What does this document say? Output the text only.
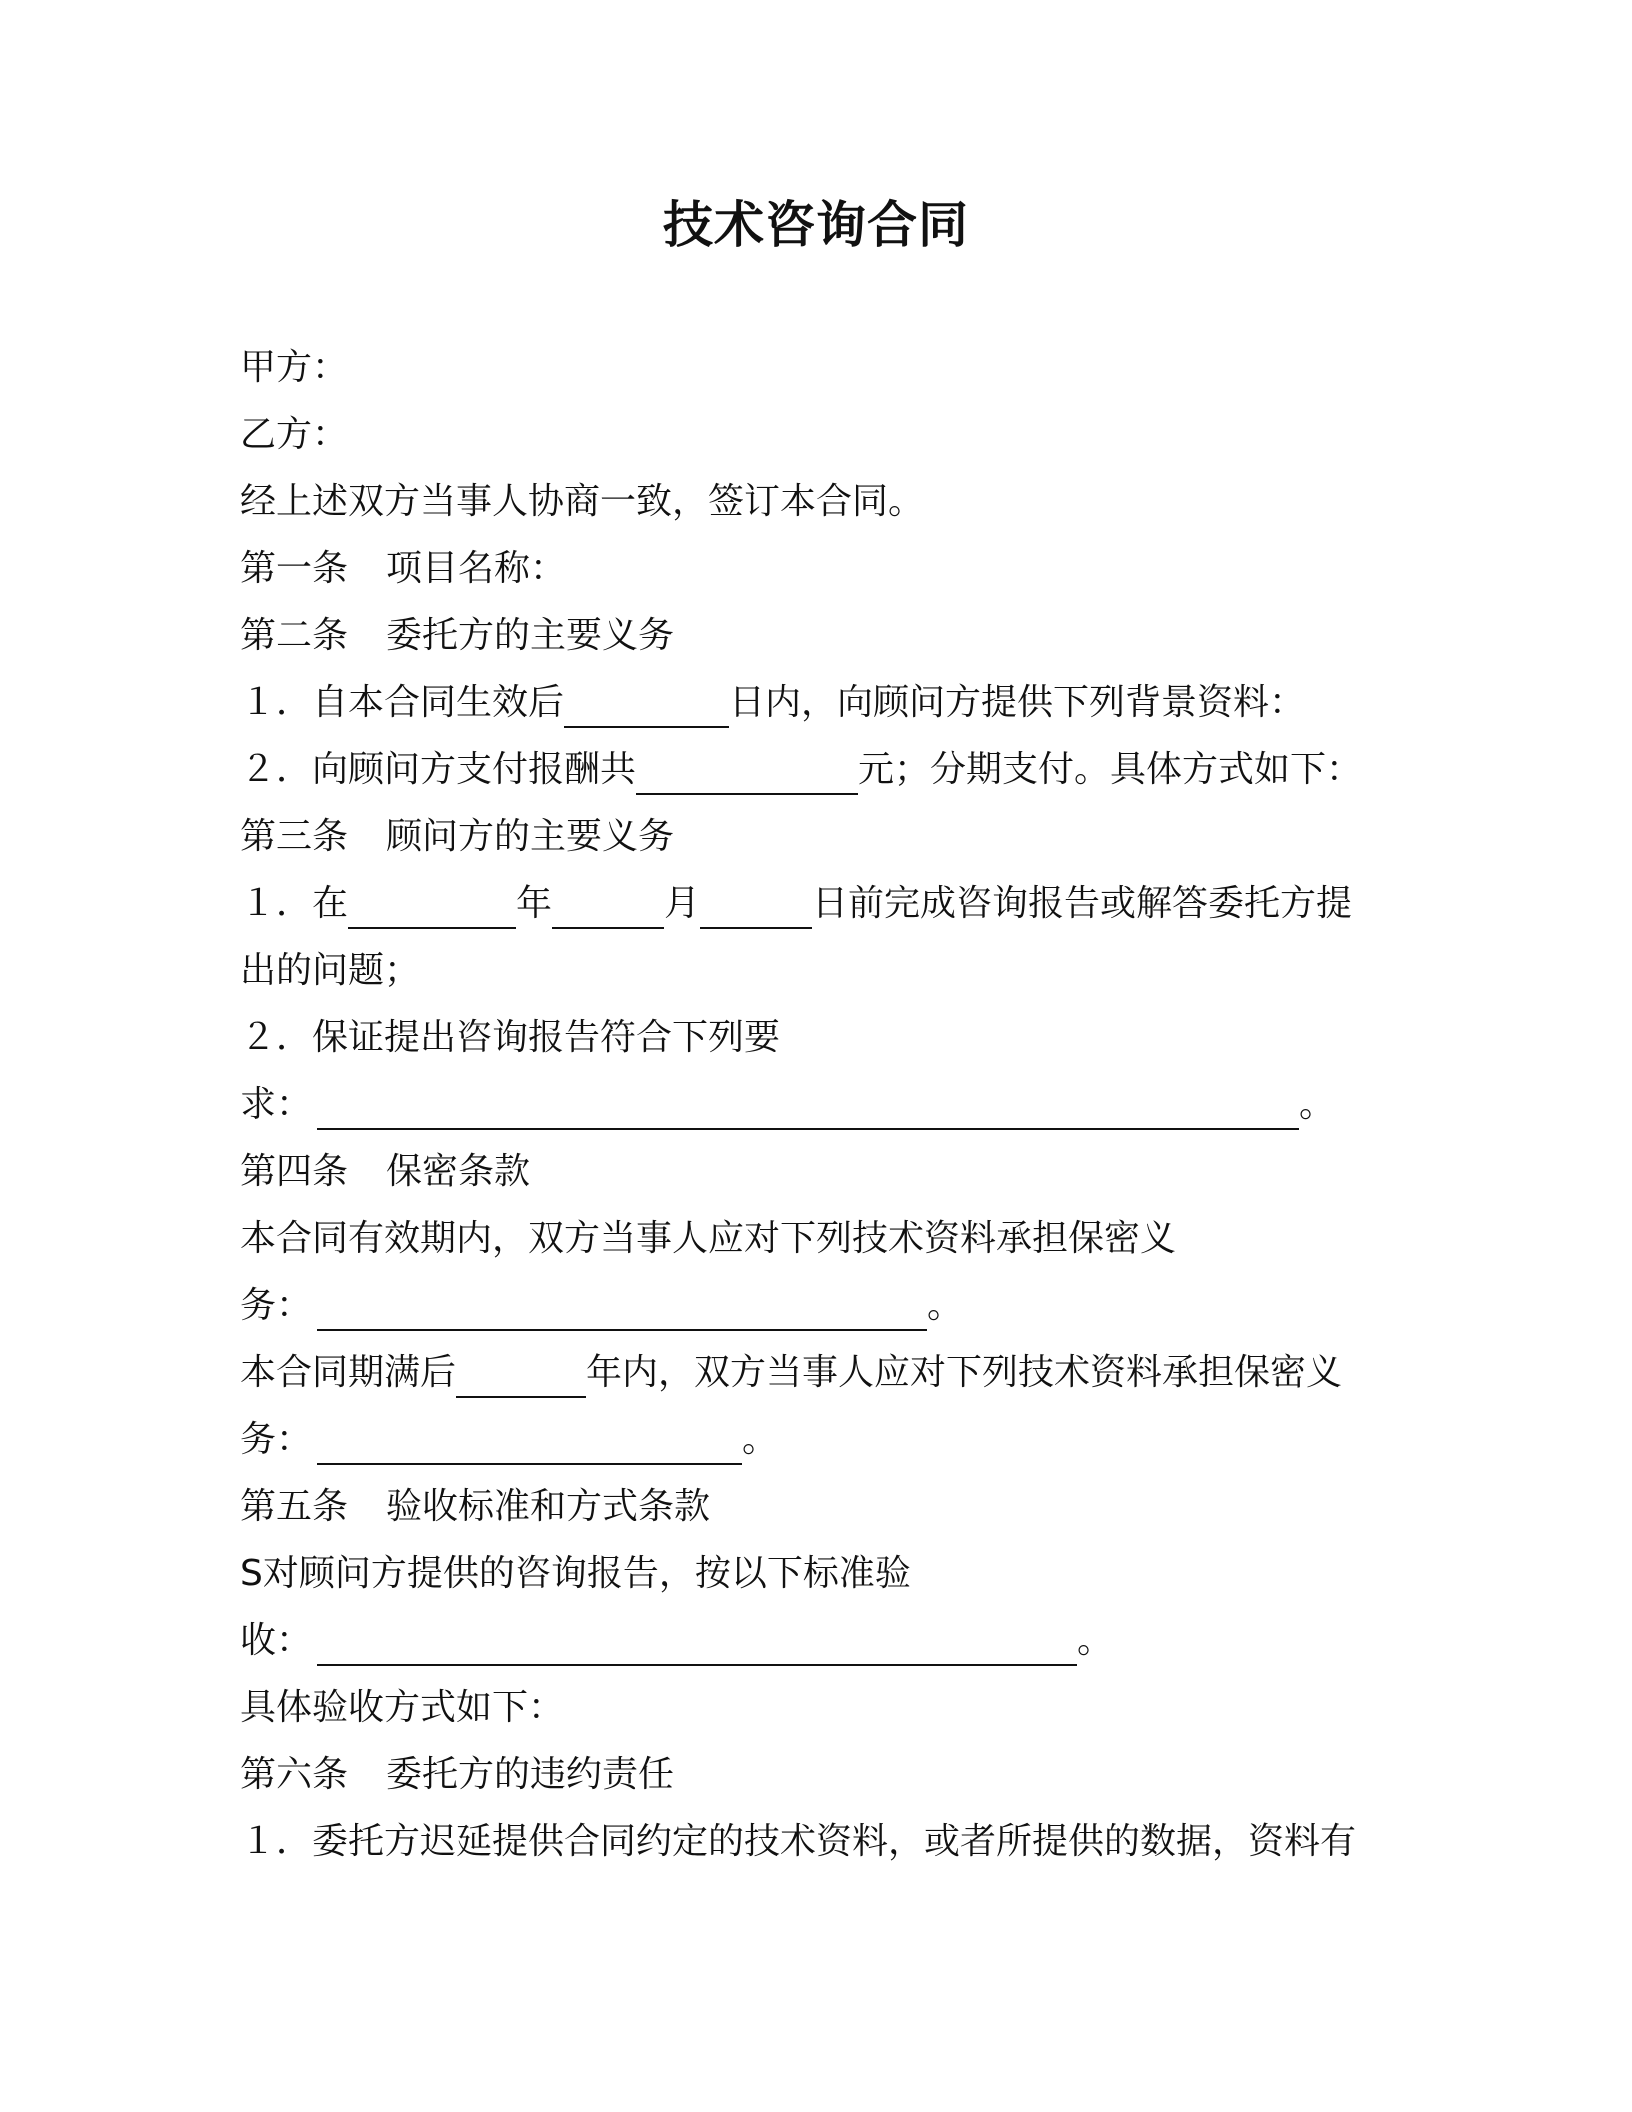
技术咨询合同
甲方：
乙方：
经上述双方当事人协商一致，签订本合同。
第一条 项目名称：
第二条 委托方的主要义务
１．自本合同生效后	日内，向顾问方提供下列背景资料：
２．向顾问方支付报酬共	元；分期支付。具体方式如下：
第三条 顾问方的主要义务
１．在	年	月	日前完成咨询报告或解答委托方提
出的问题；
２．保证提出咨询报告符合下列要
求：	。
第四条 保密条款
本合同有效期内，双方当事人应对下列技术资料承担保密义
务：	。
本合同期满后	年内，双方当事人应对下列技术资料承担保密义
务：	。
第五条 验收标准和方式条款
S对顾问方提供的咨询报告，按以下标准验
收：	。
具体验收方式如下：
第六条 委托方的违约责任
１．委托方迟延提供合同约定的技术资料，或者所提供的数据，资料有
